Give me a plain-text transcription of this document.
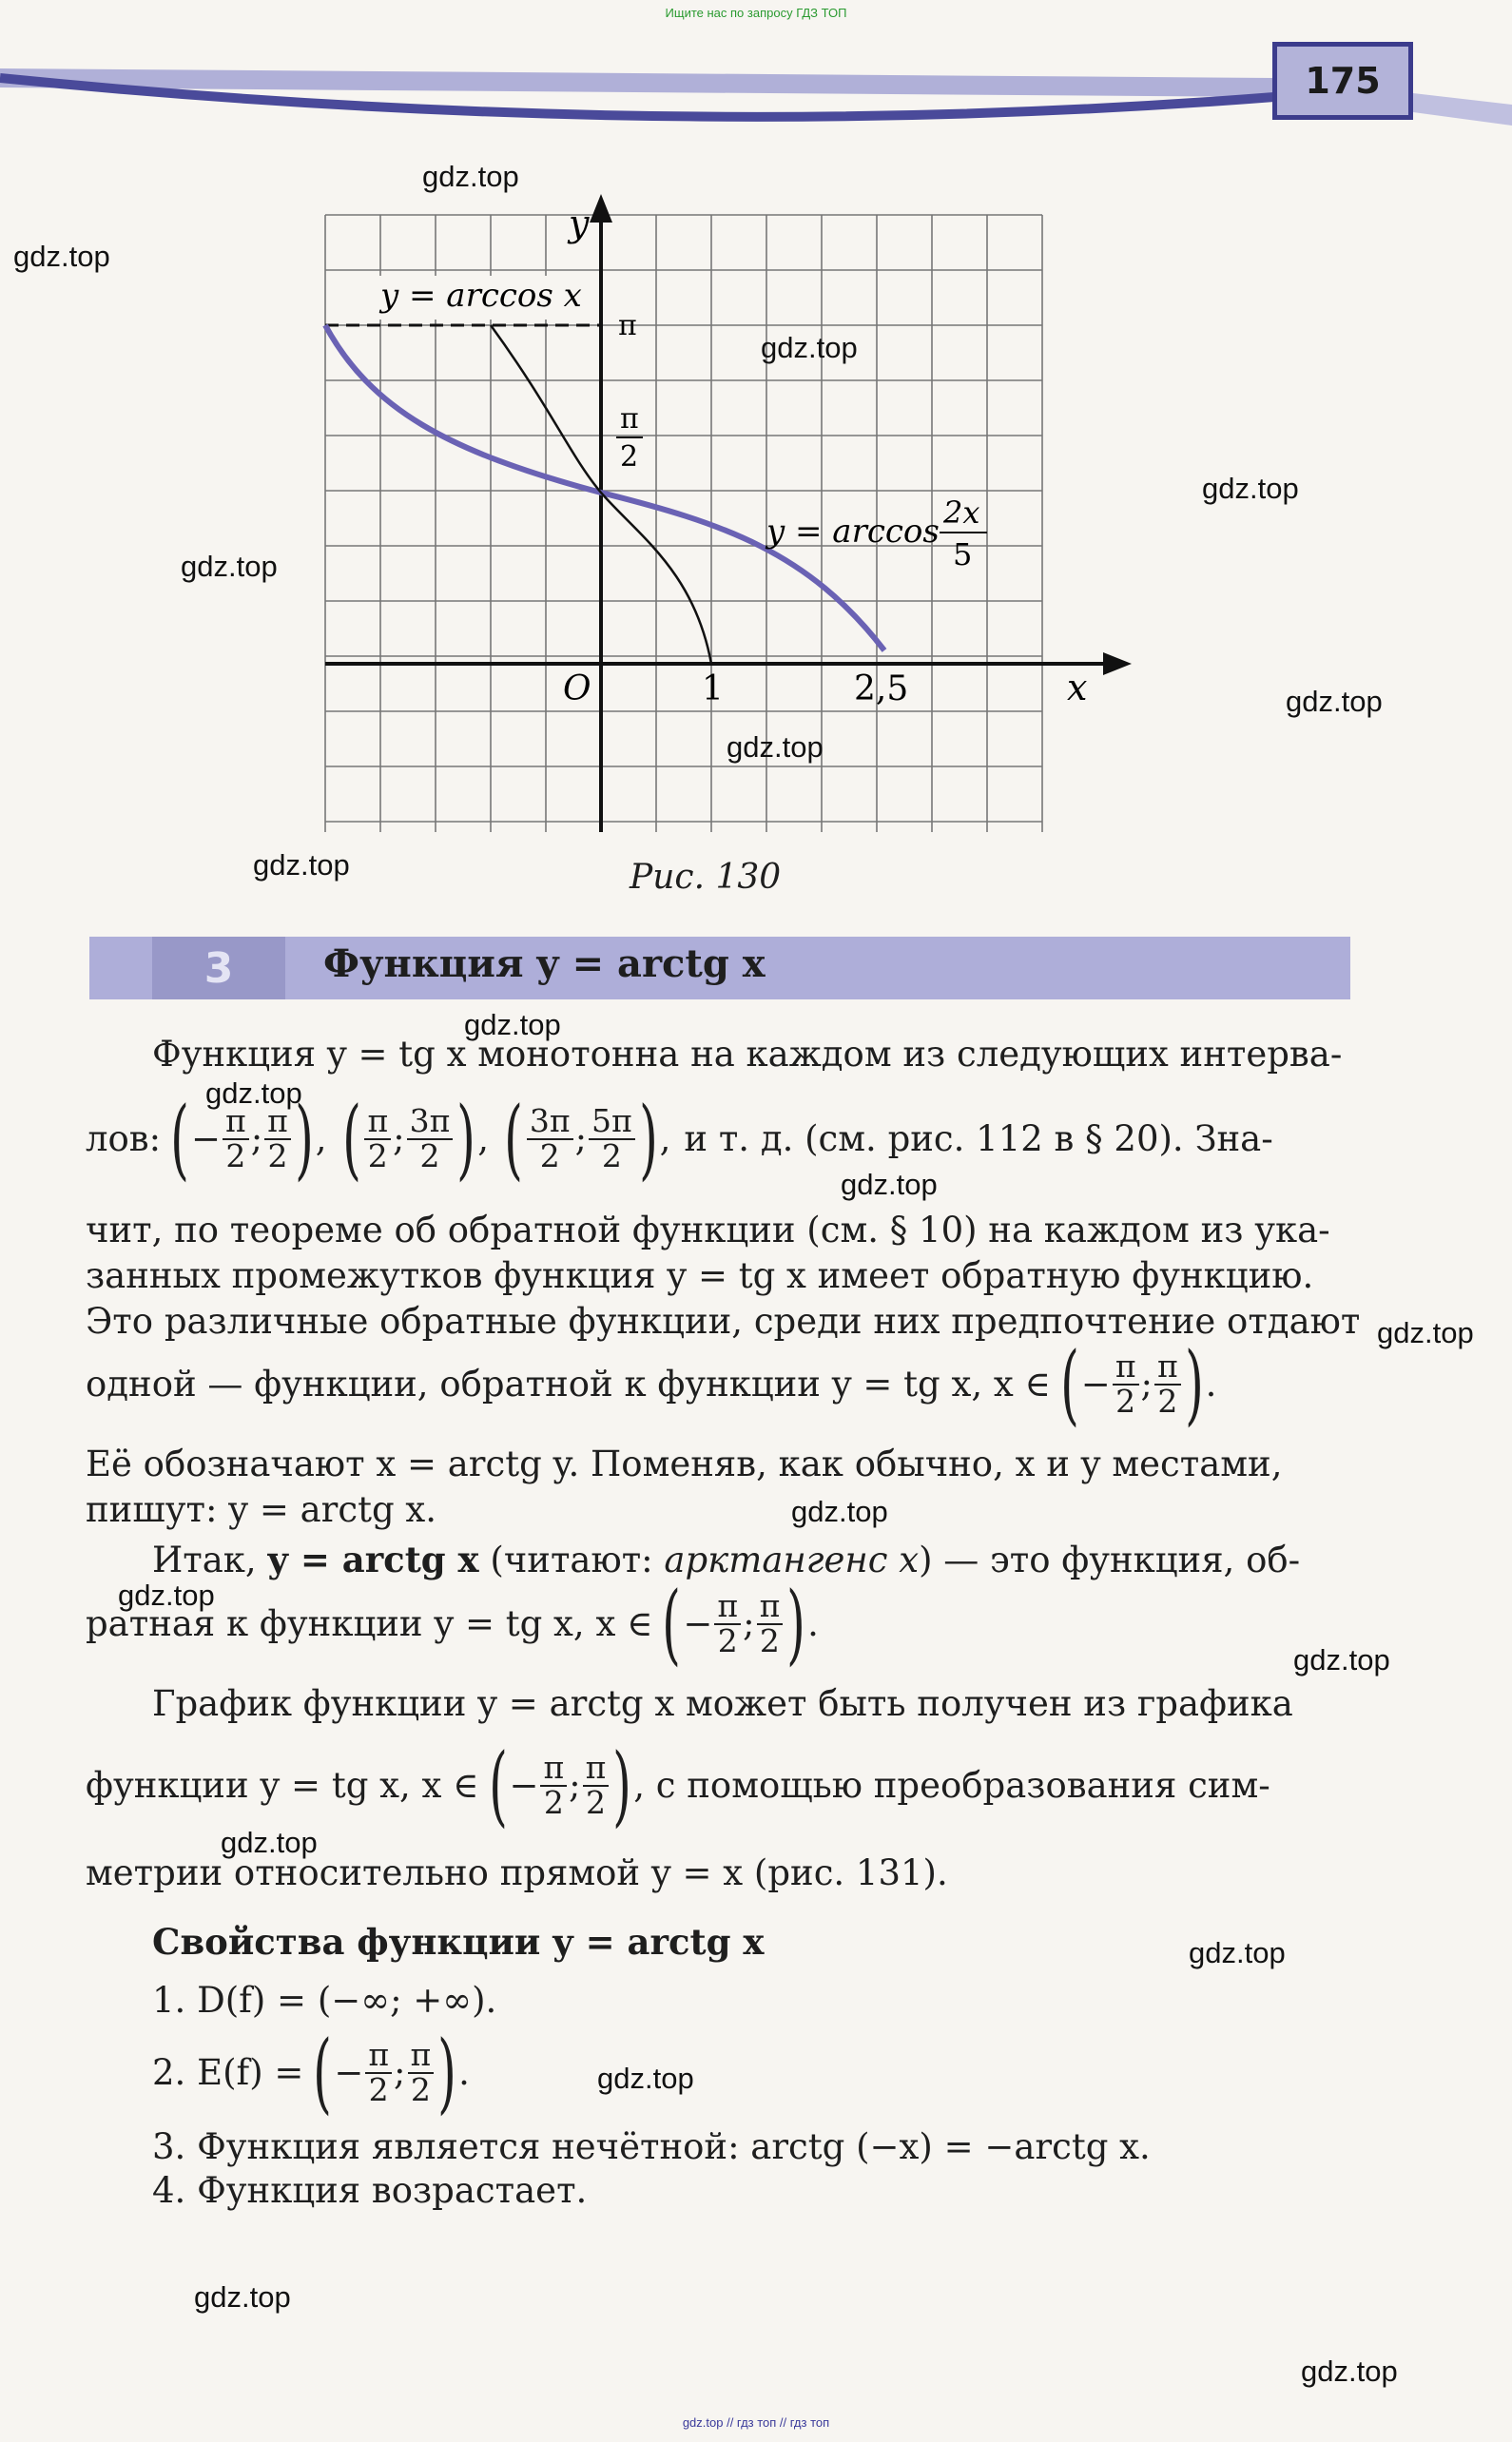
Ищите нас по запросу ГДЗ ТОП
175
y
x
O	1	2,5
π
π
2
y = arccos x
y = arccos 2x
5
Рис. 130
3	Функция y = arctg x
Функция y = tg x монотонна на каждом из следующих интерва-
лов: ( − $\frac{\pi}{2}$ ; $\frac{\pi}{2}$ ) , ( $\frac{\pi}{2}$ ; $\frac{3\pi}{2}$ ) , ( $\frac{3\pi}{2}$ ; $\frac{5\pi}{2}$ ) , и т. д. (см. рис. 112 в § 20). Зна-
чит, по теореме об обратной функции (см. § 10) на каждом из ука-
занных промежутков функция y = tg x имеет обратную функцию.
Это различные обратные функции, среди них предпочтение отдают
одной — функции, обратной к функции y = tg x, x ∈ ( − $\frac{\pi}{2}$ ; $\frac{\pi}{2}$ ) .
Её обозначают x = arctg y. Поменяв, как обычно, x и y местами,
пишут: y = arctg x.
Итак, y = arctg x (читают: арктангенс x) — это функция, об-
ратная к функции y = tg x, x ∈ ( − $\frac{\pi}{2}$ ; $\frac{\pi}{2}$ ) .
График функции y = arctg x может быть получен из графика
функции y = tg x, x ∈ ( − $\frac{\pi}{2}$ ; $\frac{\pi}{2}$ ) , с помощью преобразования сим-
метрии относительно прямой y = x (рис. 131).
Свойства функции y = arctg x
1. D(f) = (−∞; +∞).
2. E(f) = ( − $\frac{\pi}{2}$ ; $\frac{\pi}{2}$ ) .
3. Функция является нечётной: arctg (−x) = −arctg x.
4. Функция возрастает.
gdz.top
gdz.top
gdz.top
gdz.top
gdz.top
gdz.top
gdz.top
gdz.top
gdz.top
gdz.top
gdz.top
gdz.top
gdz.top
gdz.top
gdz.top
gdz.top
gdz.top
gdz.top
gdz.top
gdz.top
gdz.top // гдз топ // гдз топ
